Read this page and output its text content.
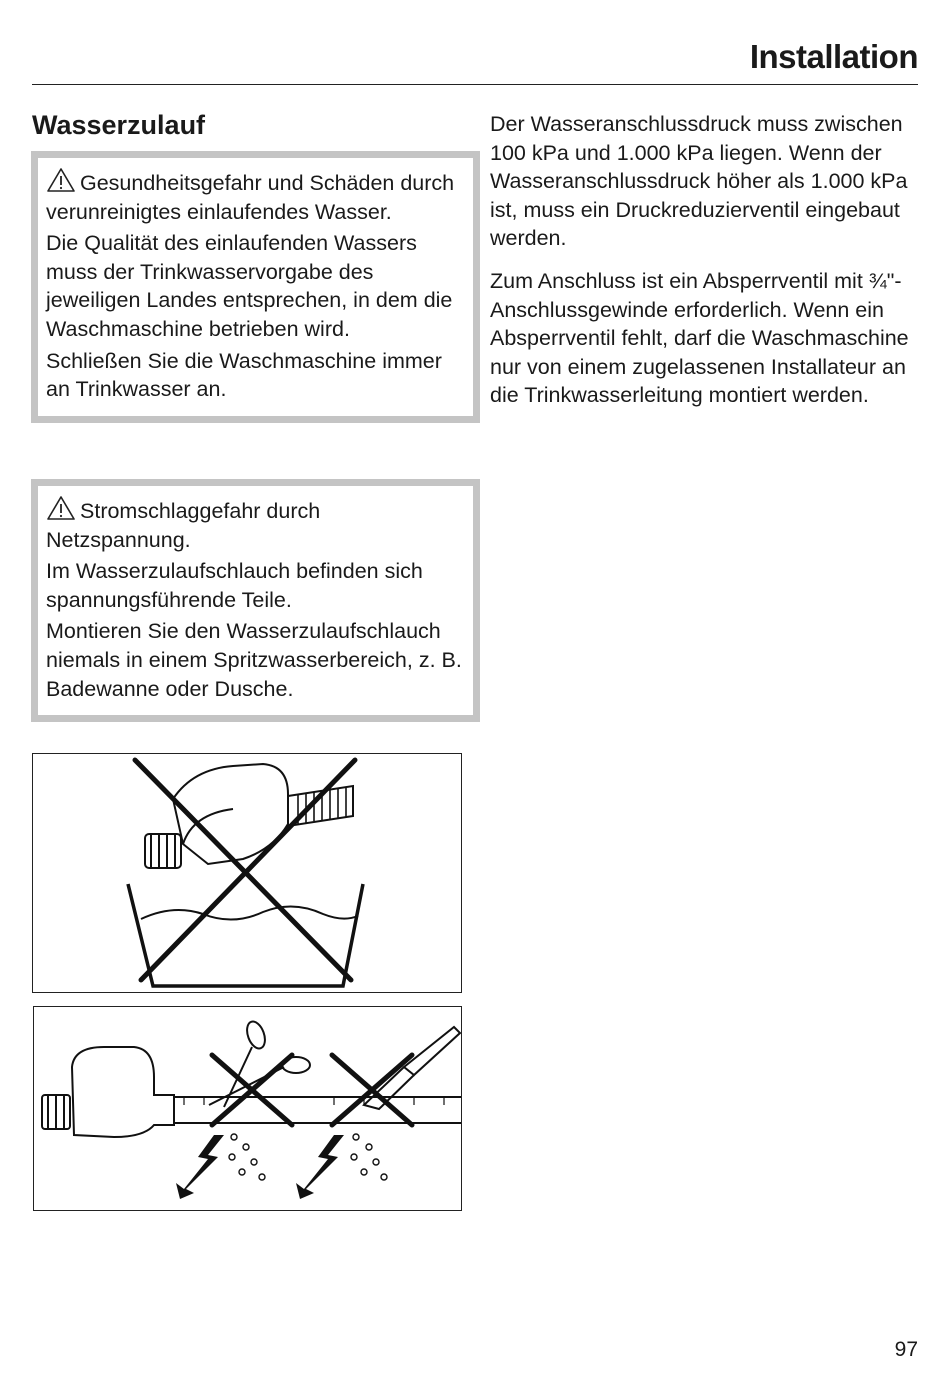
Installation
Wasserzulauf

Gesundheitsgefahr und Schäden durch verunreinigtes einlaufendes Wasser.

Die Qualität des einlaufenden Wassers muss der Trinkwasservorgabe des jeweiligen Landes entsprechen, in dem die Waschmaschine betrieben wird.

Schließen Sie die Waschmaschine immer an Trinkwasser an.

Stromschlaggefahr durch Netzspannung.

Im Wasserzulaufschlauch befinden sich spannungsführende Teile.

Montieren Sie den Wasserzulaufschlauch niemals in einem Spritzwasserbereich, z. B. Badewanne oder Dusche.

Der Wasseranschlussdruck muss zwischen 100 kPa und 1.000 kPa liegen. Wenn der Wasseranschlussdruck höher als 1.000 kPa ist, muss ein Druckreduzierventil eingebaut werden.

Zum Anschluss ist ein Absperrventil mit ¾"-Anschlussgewinde erforderlich. Wenn ein Absperrventil fehlt, darf die Waschmaschine nur von einem zugelassenen Installateur an die Trinkwasserleitung montiert werden.

97
